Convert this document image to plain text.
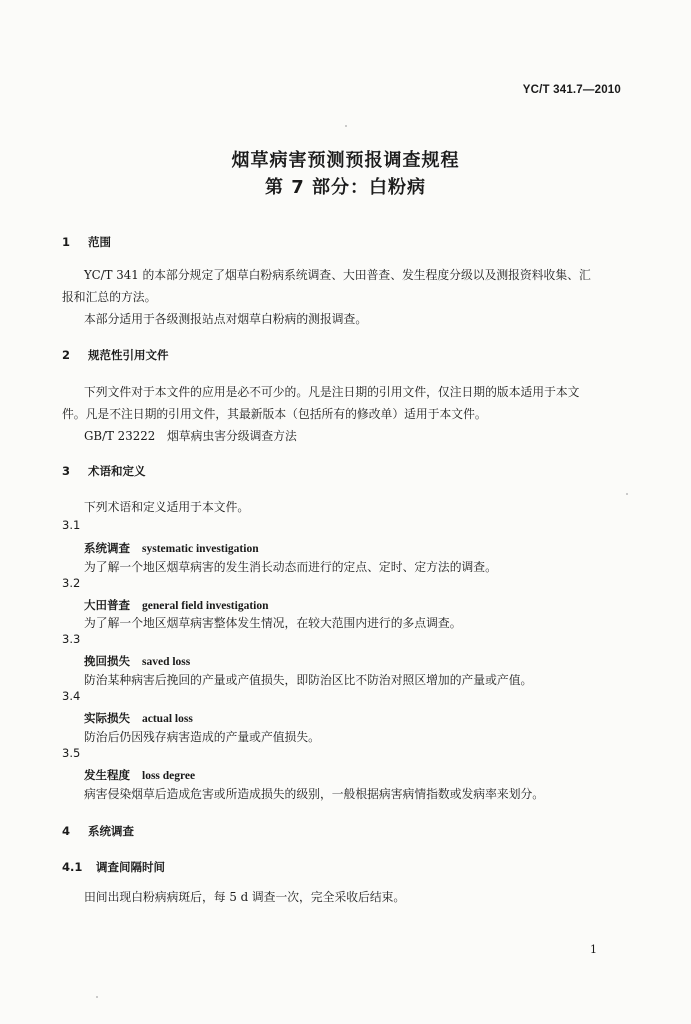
YC/T 341.7—2010
烟草病害预测预报调查规程
第 7 部分：白粉病
1 范围
YC/T 341 的本部分规定了烟草白粉病系统调查、大田普查、发生程度分级以及测报资料收集、汇
报和汇总的方法。
本部分适用于各级测报站点对烟草白粉病的测报调查。
2 规范性引用文件
下列文件对于本文件的应用是必不可少的。凡是注日期的引用文件，仅注日期的版本适用于本文
件。凡是不注日期的引用文件，其最新版本（包括所有的修改单）适用于本文件。
GB/T 23222　烟草病虫害分级调查方法
3 术语和定义
下列术语和定义适用于本文件。
3.1
系统调查 systematic investigation
为了解一个地区烟草病害的发生消长动态而进行的定点、定时、定方法的调查。
3.2
大田普查 general field investigation
为了解一个地区烟草病害整体发生情况，在较大范围内进行的多点调查。
3.3
挽回损失 saved loss
防治某种病害后挽回的产量或产值损失，即防治区比不防治对照区增加的产量或产值。
3.4
实际损失 actual loss
防治后仍因残存病害造成的产量或产值损失。
3.5
发生程度 loss degree
病害侵染烟草后造成危害或所造成损失的级别，一般根据病害病情指数或发病率来划分。
4 系统调查
4.1 调查间隔时间
田间出现白粉病病斑后，每 5 d 调查一次，完全采收后结束。
1
